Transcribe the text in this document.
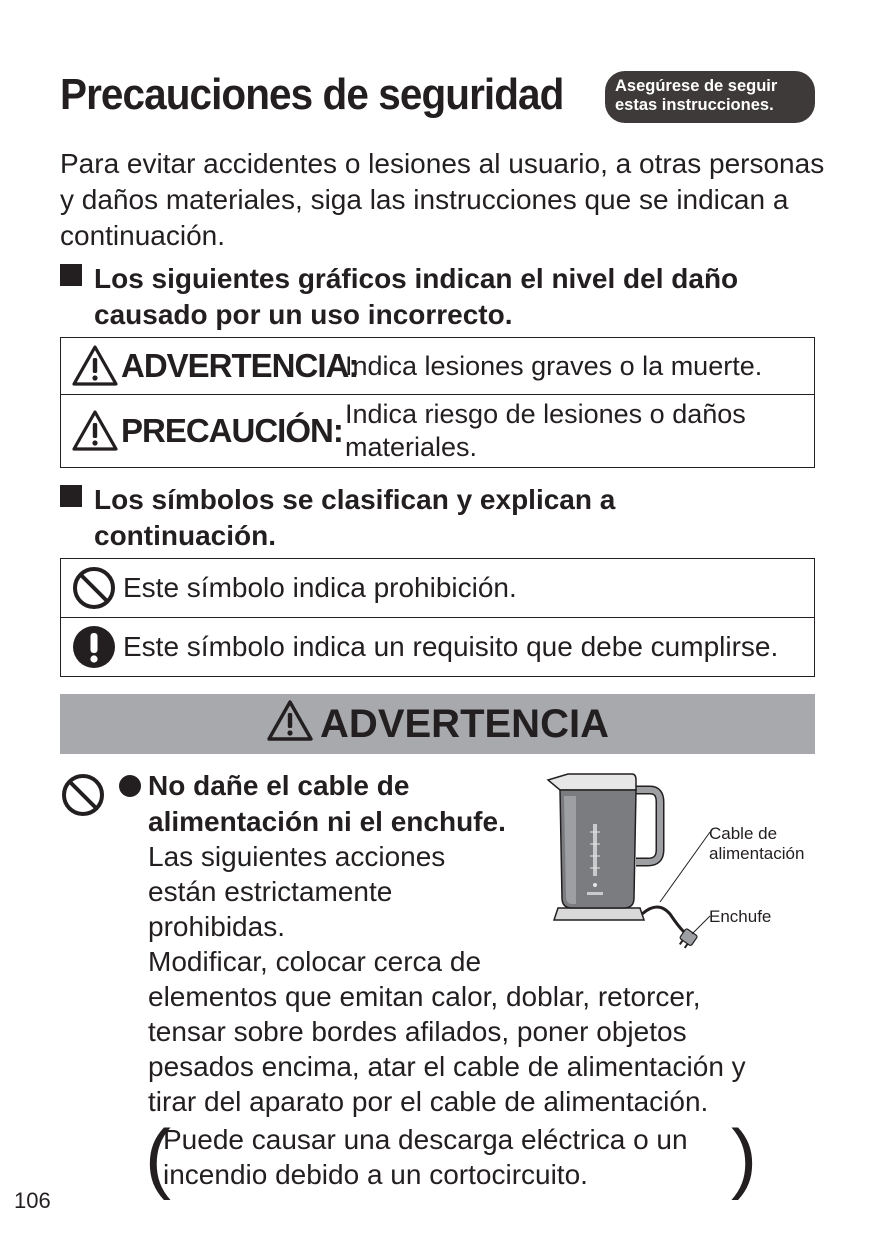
Precauciones de seguridad	Asegúrese de seguir
estas instrucciones.
Para evitar accidentes o lesiones al usuario, a otras personas y daños materiales, siga las instrucciones que se indican a continuación.
Los siguientes gráficos indican el nivel del daño
causado por un uso incorrecto.
ADVERTENCIA:
Indica lesiones graves o la muerte.

PRECAUCIÓN: Indica riesgo de lesiones o daños
materiales.
Los símbolos se clasifican y explican a
continuación.
Este símbolo indica prohibición.

Este símbolo indica un requisito que debe cumplirse.
ADVERTENCIA
No dañe el cable de
alimentación ni el enchufe.
Las siguientes acciones
están estrictamente
prohibidas.
Modificar, colocar cerca de
elementos que emitan calor, doblar, retorcer,
tensar sobre bordes afilados, poner objetos
pesados encima, atar el cable de alimentación y
tirar del aparato por el cable de alimentación.
(
Puede causar una descarga eléctrica o un
incendio debido a un cortocircuito.	)
Cable de
alimentación
Enchufe
106
